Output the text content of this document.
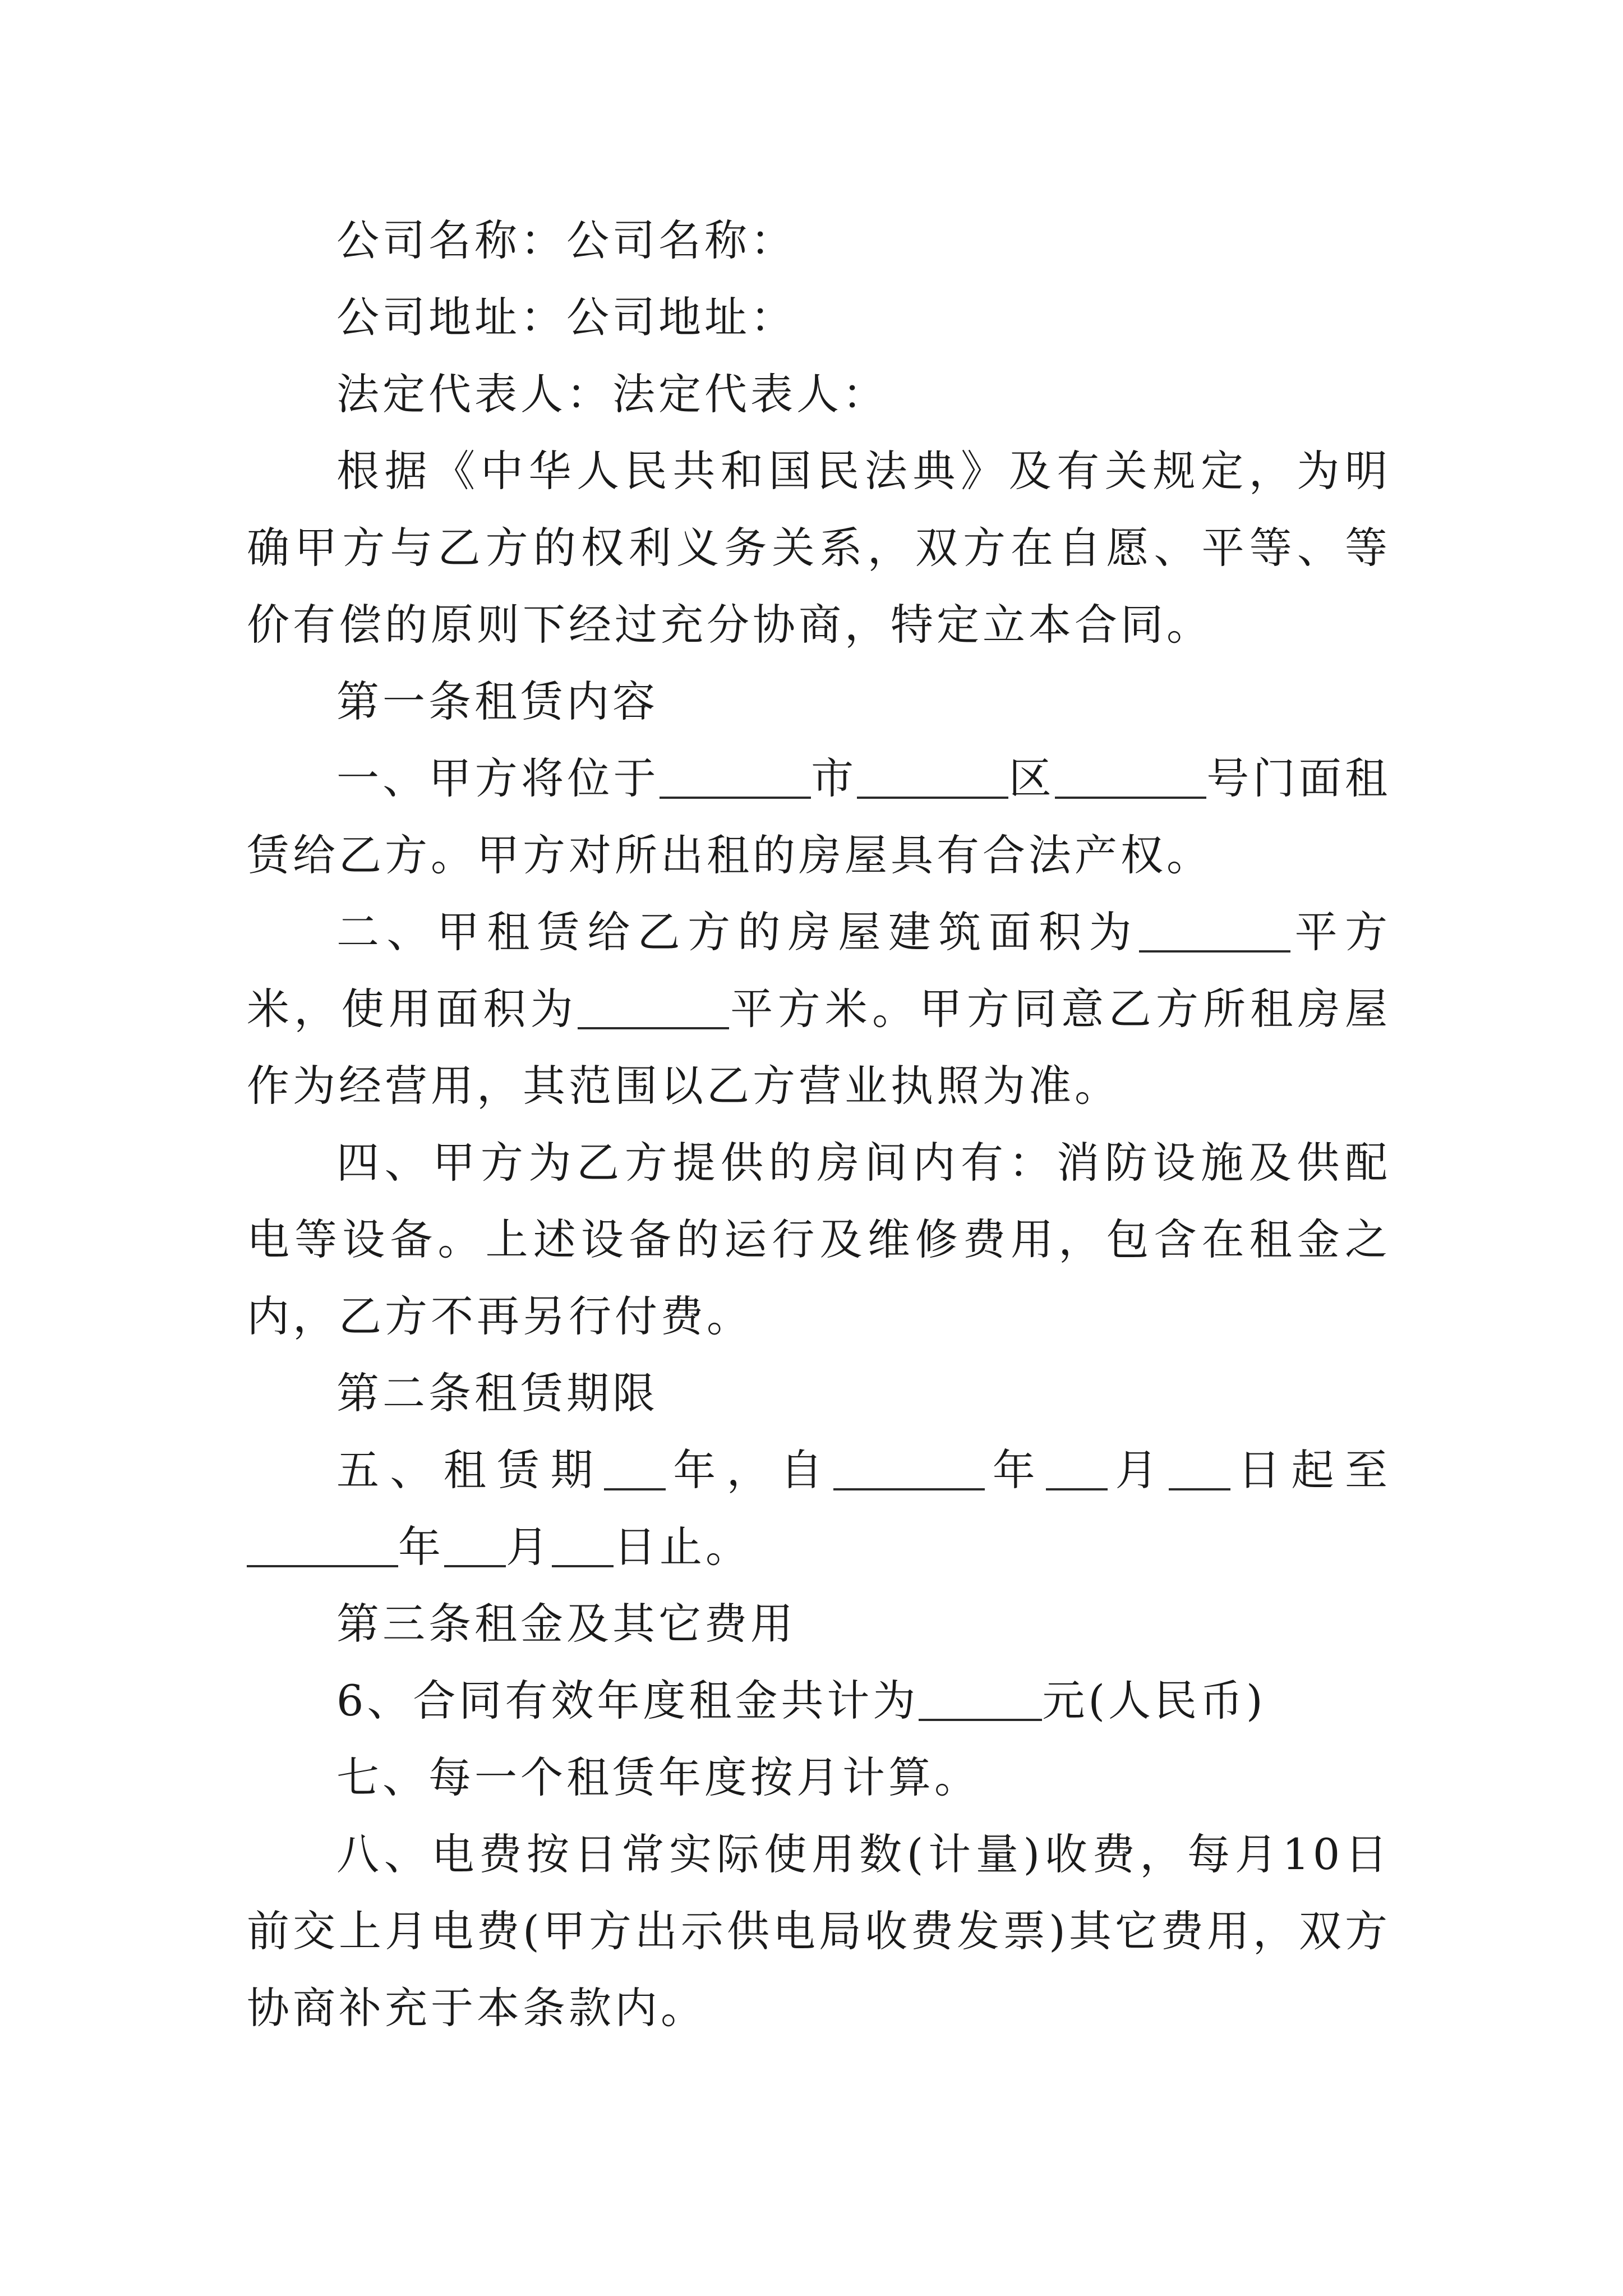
公司名称：公司名称：

公司地址：公司地址：

法定代表人：法定代表人：

根据《中华人民共和国民法典》及有关规定，为明确甲方与乙方的权利义务关系，双方在自愿、平等、等价有偿的原则下经过充分协商，特定立本合同。

第一条租赁内容

一、甲方将位于	市	区	号门面租赁给乙方。甲方对所出租的房屋具有合法产权。

二、甲租赁给乙方的房屋建筑面积为	平方米，使用面积为	平方米。甲方同意乙方所租房屋作为经营用，其范围以乙方营业执照为准。

四、甲方为乙方提供的房间内有：消防设施及供配电等设备。上述设备的运行及维修费用，包含在租金之内，乙方不再另行付费。

第二条租赁期限

五、租赁期 年，自	年 月 日起至年 月 日止。

第三条租金及其它费用

6、合同有效年度租金共计为	元(人民币)

七、每一个租赁年度按月计算。

八、电费按日常实际使用数(计量)收费，每月10日前交上月电费(甲方出示供电局收费发票)其它费用，双方协商补充于本条款内。
